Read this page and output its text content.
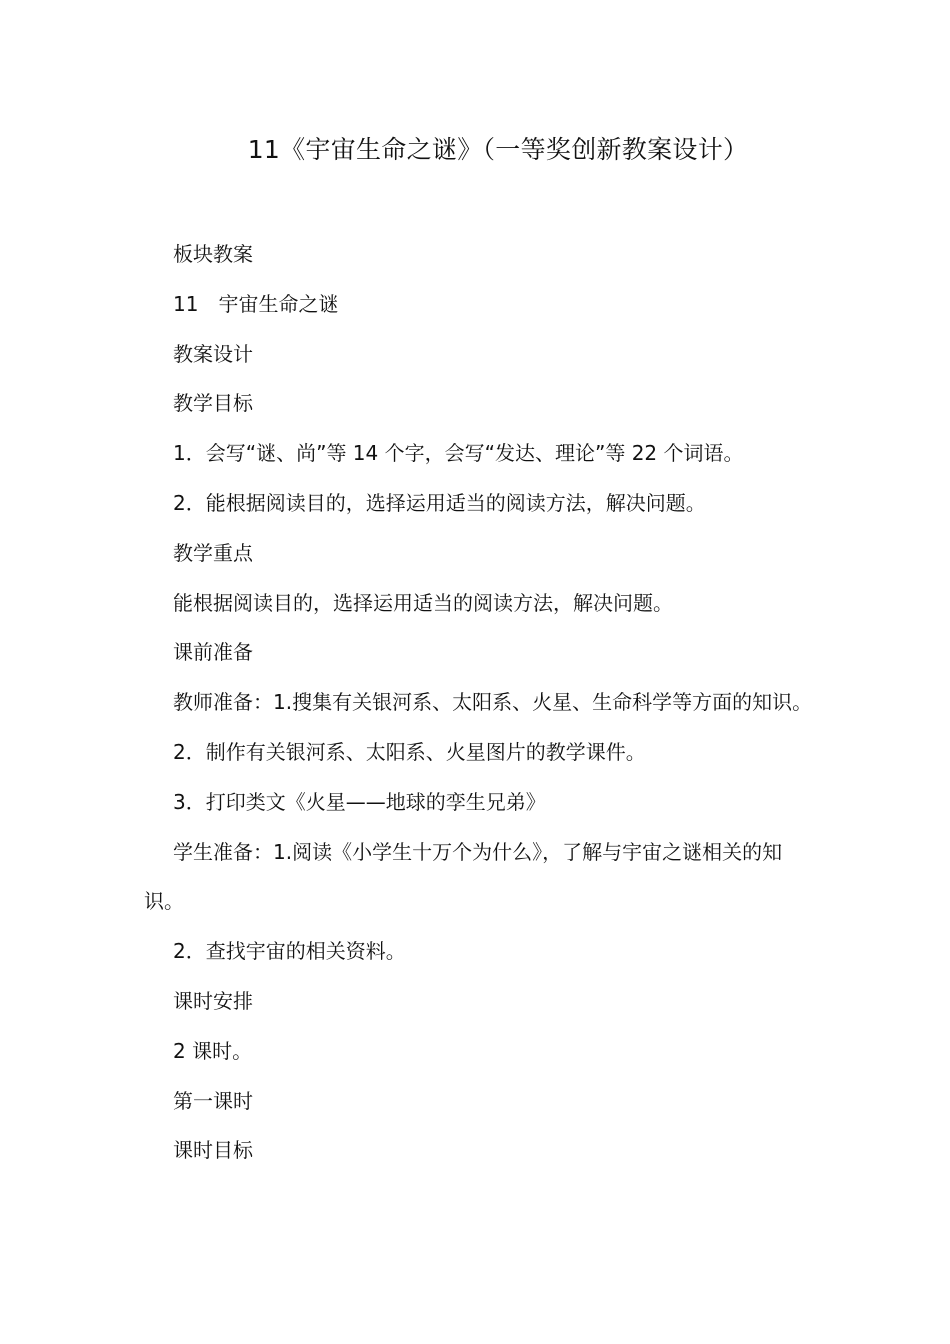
11《宇宙生命之谜》（一等奖创新教案设计）

板块教案

11　宇宙生命之谜

教案设计

教学目标

1．会写“谜、尚”等 14 个字，会写“发达、理论”等 22 个词语。

2．能根据阅读目的，选择运用适当的阅读方法，解决问题。

教学重点

能根据阅读目的，选择运用适当的阅读方法，解决问题。

课前准备

教师准备：1.搜集有关银河系、太阳系、火星、生命科学等方面的知识。

2．制作有关银河系、太阳系、火星图片的教学课件。

3．打印类文《火星——地球的孪生兄弟》

学生准备：1.阅读《小学生十万个为什么》，了解与宇宙之谜相关的知识。

2．查找宇宙的相关资料。

课时安排

2 课时。

第一课时

课时目标
